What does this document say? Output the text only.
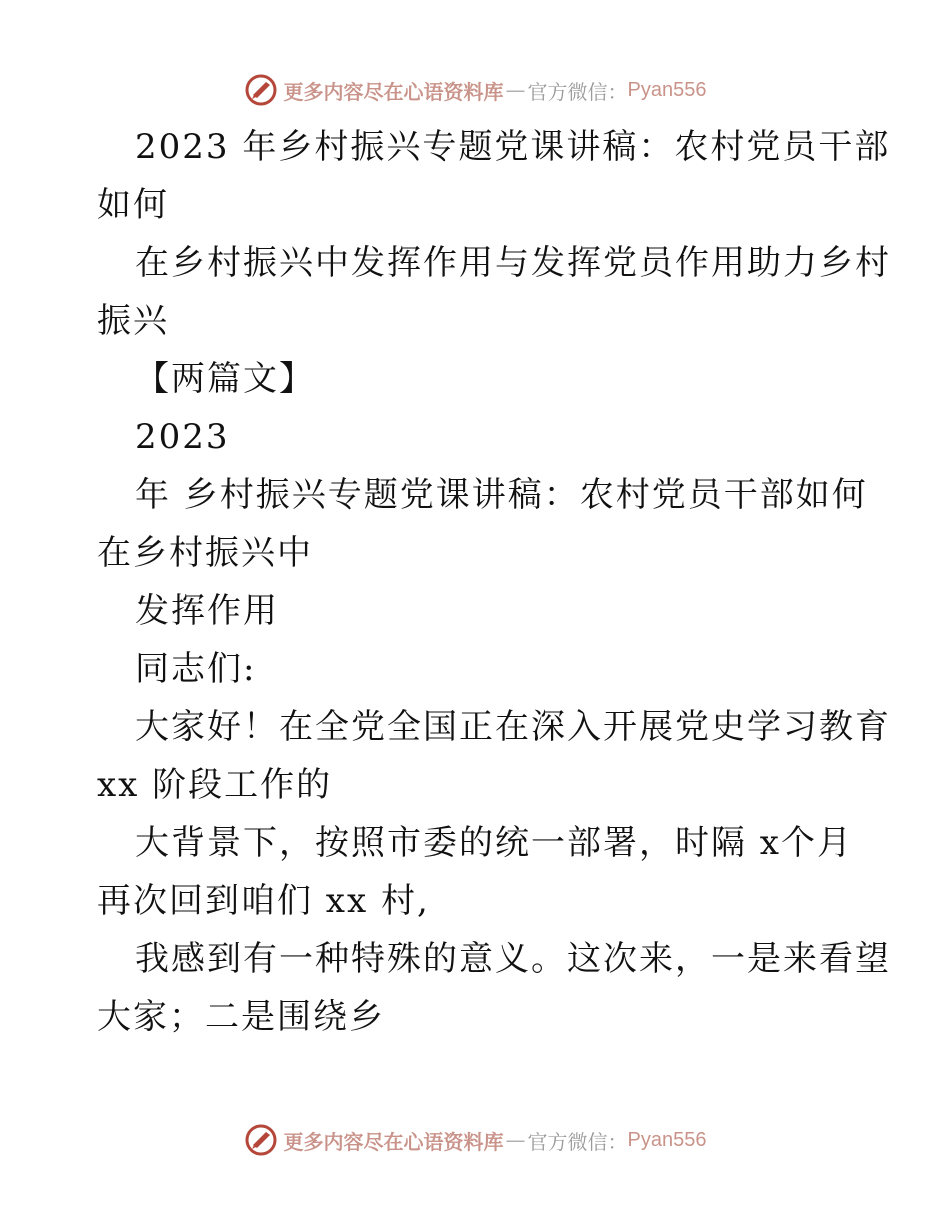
更多内容尽在心语资料库 — 官方微信： Pyan556
2023 年乡村振兴专题党课讲稿：农村党员干部
如何
在乡村振兴中发挥作用与发挥党员作用助力乡村
振兴
【两篇文】
2023
年 乡村振兴专题党课讲稿：农村党员干部如何
在乡村振兴中
发挥作用
同志们:
大家好！在全党全国正在深入开展党史学习教育
xx 阶段工作的
大背景下，按照市委的统一部署，时隔 x个月
再次回到咱们 xx 村,
我感到有一种特殊的意义。这次来，一是来看望
大家；二是围绕乡
更多内容尽在心语资料库 — 官方微信： Pyan556
